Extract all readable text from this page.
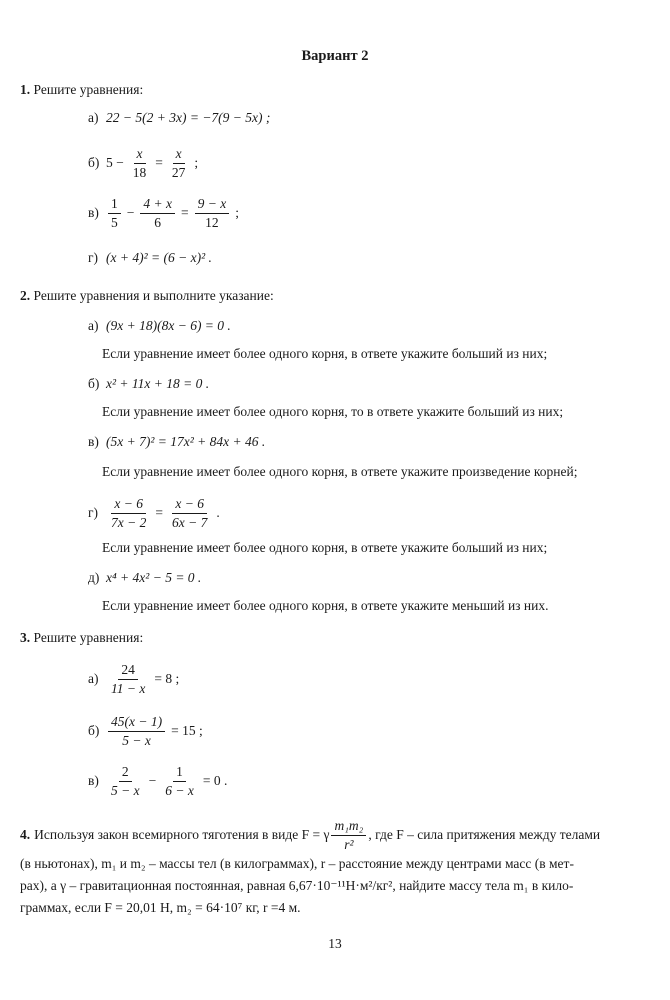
Вариант 2
1. Решите уравнения:
а) 22 − 5(2 + 3x) = −7(9 − 5x) ;
б) $5 - \frac{x}{18} = \frac{x}{27}$ ;
$в) \frac{1}{5} - \frac{4 + x}{6} = \frac{9 - x}{12}$ ;
г) (x + 4)² = (6 − x)² .
2. Решите уравнения и выполните указание:
а) (9x + 18)(8x − 6) = 0 .
Если уравнение имеет более одного корня, в ответе укажите больший из них;
б) x² + 11x + 18 = 0 .
Если уравнение имеет более одного корня, то в ответе укажите больший из них;
в) (5x + 7)² = 17x² + 84x + 46 .
Если уравнение имеет более одного корня, в ответе укажите произведение корней;
$г) \frac{x - 6}{7x - 2} = \frac{x - 6}{6x - 7}$ .
Если уравнение имеет более одного корня, в ответе укажите больший из них;
д) x⁴ + 4x² − 5 = 0 .
Если уравнение имеет более одного корня, в ответе укажите меньший из них.
3. Решите уравнения:
$а) \frac{24}{11 - x} = 8$ ;
$б) \frac{45(x - 1)}{5 - x} = 15$ ;
$в) \frac{2}{5 - x} - \frac{1}{6 - x} = 0$ .
4. Используя закон всемирного тяготения в виде F = γ $\frac{\text{m₁m₂}}{\text{r²}}$ , где F – сила притяжения между телами
(в ньютонах), m₁ и m₂ – массы тел (в килограммах), r – расстояние между центрами масс (в мет-
рах), а γ – гравитационная постоянная, равная 6,67·10⁻¹¹Н·м²/кг², найдите массу тела m₁ в кило-
граммах, если F = 20,01 Н, m₂ = 64·10⁷ кг, r =4 м.
13
